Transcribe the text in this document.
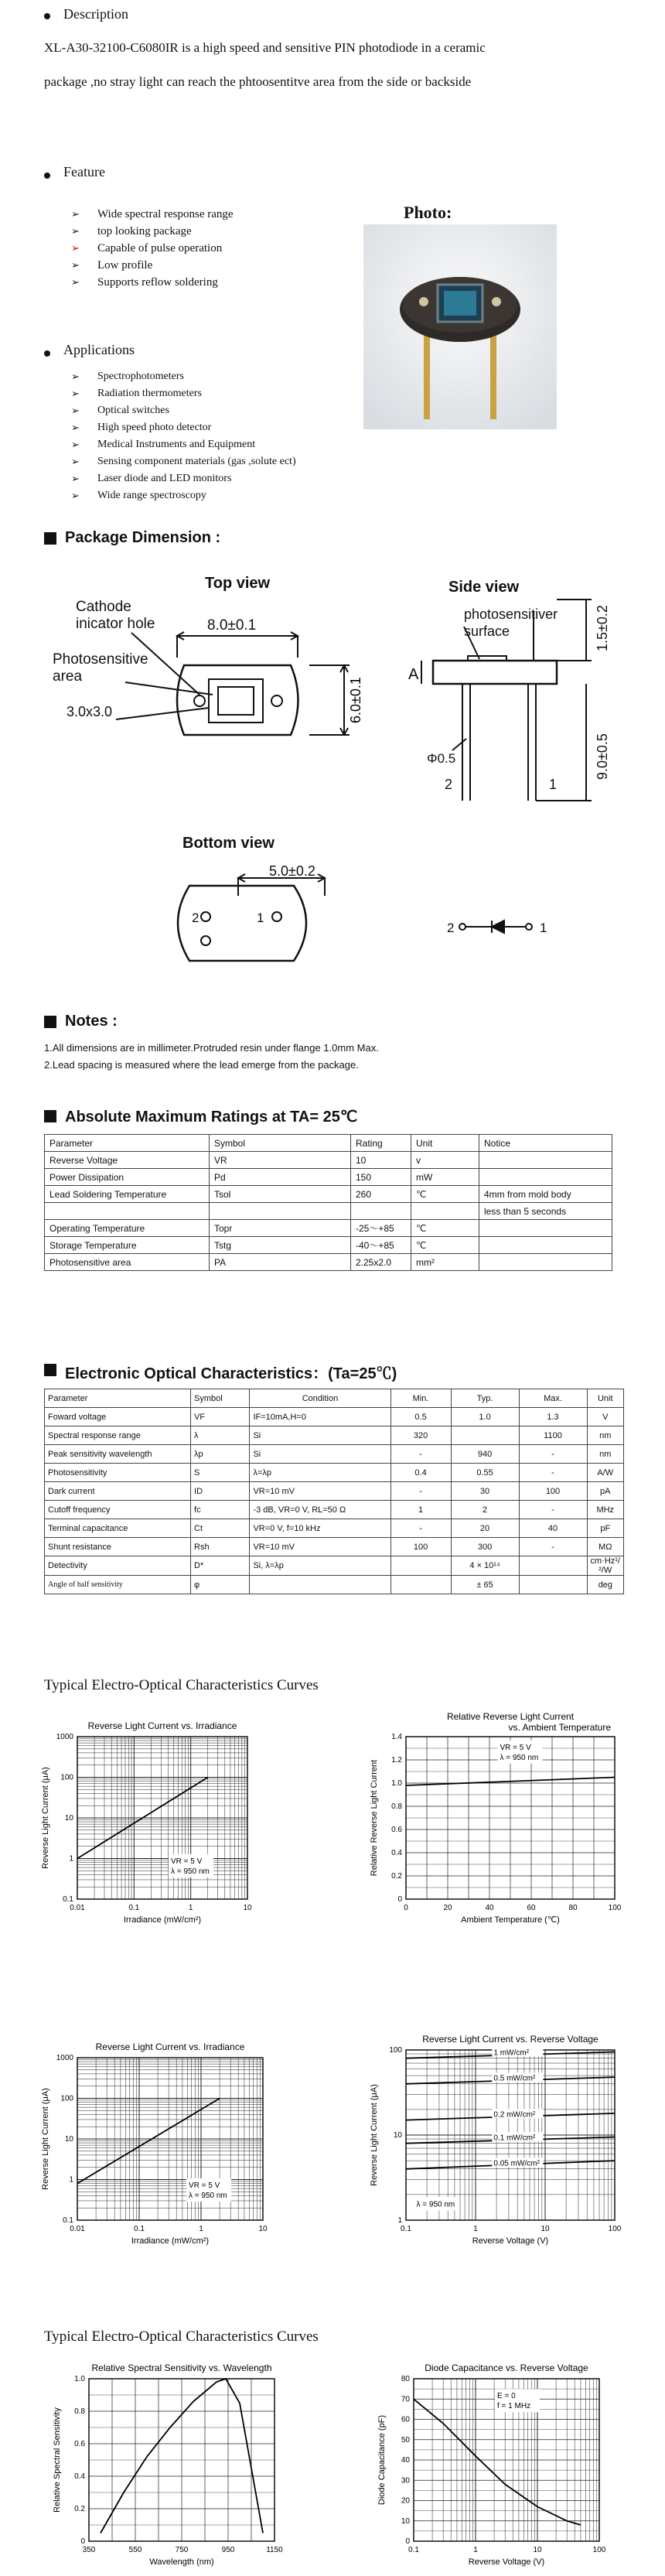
Description
XL-A30-32100-C6080IR is a high speed and sensitive PIN photodiode in a ceramic
package ,no stray light can reach the phtoosentitve area from the side or backside
Feature
➢ Wide spectral response range
➢ top looking package
➢ Capable of pulse operation
➢ Low profile
➢ Supports reflow soldering
Photo:
Applications
➢ Spectrophotometers
➢ Radiation thermometers
➢ Optical switches
➢ High speed photo detector
➢ Medical Instruments and Equipment
➢ Sensing component materials (gas ,solute ect)
➢ Laser diode and LED monitors
➢ Wide range spectroscopy
Package Dimension :
Top view	Side view
Cathode
inicator hole
Photosensitive
area
3.0x3.0
8.0±0.1
5.0±0.2
Bottom view
6.0±0.1
photosensitiver
surface
Φ0.5
A
2	1
1.5±0.2
9.0±0.5
2	1
2	1
Notes :
1.All dimensions are in millimeter.Protruded resin under flange 1.0mm Max.
2.Lead spacing is measured where the lead emerge from the package.
Absolute Maximum Ratings at TA= 25℃
Parameter	Symbol	Rating	Unit	Notice
Reverse Voltage	VR	10	v	
Power Dissipation	Pd	150	mW	
Lead Soldering Temperature	Tsol	260	℃	4mm from mold body
				less than 5 seconds
Operating Temperature	Topr	-25～+85	℃	
Storage Temperature	Tstg	-40～+85	℃	
Photosensitive area	PA	2.25x2.0	mm²	
Electronic Optical Characteristics：(Ta=25℃)
Parameter	Symbol	Condition	Min.	Typ.	Max.	Unit
Foward voltage	VF	IF=10mA,H=0	0.5	1.0	1.3	V
Spectral response range	λ	Si	320		1100	nm
Peak sensitivity wavelength	λp	Si	-	940	-	nm
Photosensitivity	S	λ=λp	0.4	0.55	-	A/W
Dark current	ID	VR=10 mV	-	30	100	pA
Cutoff frequency	fc	-3 dB, VR=0 V, RL=50 Ω	1	2	-	MHz
Terminal capacitance	Ct	VR=0 V, f=10 kHz	-	20	40	pF
Shunt resistance	Rsh	VR=10 mV	100	300	-	MΩ
Detectivity	D*	Si, λ=λp		4 × 10¹⁴		cm·Hz¹/²/W
Angle of half sensitivity	φ			± 65		deg
Typical Electro-Optical Characteristics Curves
Reverse Light Current vs. Irradiance
0.01	0.1	1	10
0.1
1
10
100
1000
Irradiance (mW/cm²)
Reverse Light Current (μA)	VR = 5 V
λ = 950 nm
Relative Reverse Light Current
vs. Ambient Temperature
0	20	40	60	80	100
0
0.2
0.4
0.6
0.8
1.0
1.2
1.4
Ambient Temperature (℃)
Relative Reverse Light Current
VR = 5 V
λ = 950 nm
Reverse Light Current vs. Irradiance
0.01	0.1	1	10
0.1
1
10
100
1000
Irradiance (mW/cm²)
Reverse Light Current (μA)	VR = 5 V
λ = 950 nm
Reverse Light Current vs. Reverse Voltage
0.1	1	10	100
1
10
100
Reverse Voltage (V)
Reverse Light Current (μA)
1 mW/cm²
0.5 mW/cm²
0.2 mW/cm²
0.1 mW/cm²
0.05 mW/cm²
λ = 950 nm
Typical Electro-Optical Characteristics Curves
Relative Spectral Sensitivity vs. Wavelength
350	550	750	950	1150
0
0.2
0.4
0.6
0.8
1.0
Wavelength (nm)
Relative Spectral Sensitivity
Diode Capacitance vs. Reverse Voltage
0.1	1	10	100
0
10
20
30
40
50
60
70
80
Reverse Voltage (V)
Diode Capacitance (pF)
E = 0
f = 1 MHz
